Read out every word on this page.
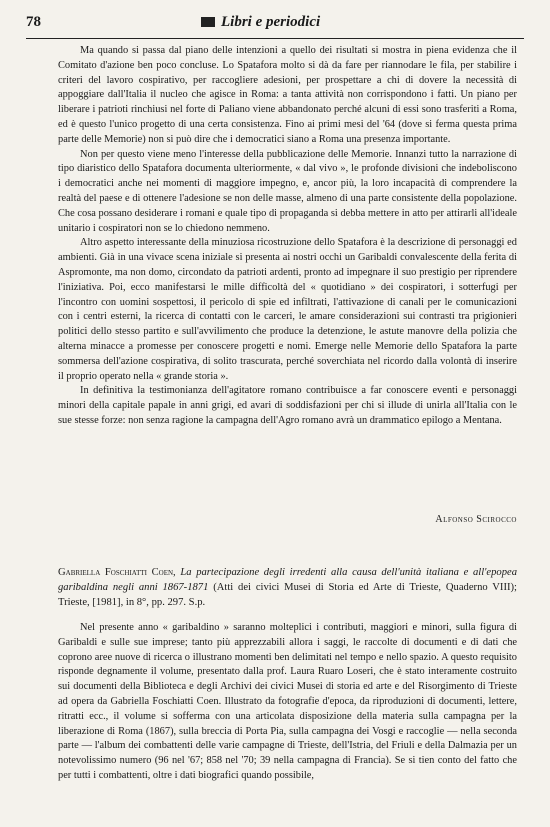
78	Libri e periodici

Ma quando si passa dal piano delle intenzioni a quello dei risultati si mostra in piena evidenza che il Comitato d'azione ben poco concluse. Lo Spatafora molto si dà da fare per riannodare le fila, per stabilire i criteri del lavoro cospirativo, per raccogliere adesioni, per prospettare a chi di dovere la necessità di appoggiare dall'Italia il nucleo che agisce in Roma: a tanta attività non corrispondono i fatti. Un piano per liberare i patrioti rinchiusi nel forte di Paliano viene abbandonato perché alcuni di essi sono trasferiti a Roma, ed è questo l'unico progetto di una certa consistenza. Fino ai primi mesi del '64 (dove si ferma questa prima parte delle Memorie) non si può dire che i democratici siano a Roma una presenza importante.

Non per questo viene meno l'interesse della pubblicazione delle Memorie. Innanzi tutto la narrazione di tipo diaristico dello Spatafora documenta ulteriormente, « dal vivo », le profonde divisioni che indeboliscono i democratici anche nei momenti di maggiore impegno, e, ancor più, la loro incapacità di comprendere la realtà del paese e di ottenere l'adesione se non delle masse, almeno di una parte consistente della popolazione. Che cosa possano desiderare i romani e quale tipo di propaganda si debba mettere in atto per attirarli all'ideale unitario i cospiratori non se lo chiedono nemmeno.

Altro aspetto interessante della minuziosa ricostruzione dello Spatafora è la descrizione di personaggi ed ambienti. Già in una vivace scena iniziale si presenta ai nostri occhi un Garibaldi convalescente della ferita di Aspromonte, ma non domo, circondato da patrioti ardenti, pronto ad impegnare il suo prestigio per riprendere l'iniziativa. Poi, ecco manifestarsi le mille difficoltà del « quotidiano » dei cospiratori, i sotterfugi per l'incontro con uomini sospettosi, il pericolo di spie ed infiltrati, l'attivazione di canali per le comunicazioni con i centri esterni, la ricerca di contatti con le carceri, le amare considerazioni sui contrasti tra prigionieri politici dello stesso partito e sull'avvilimento che produce la detenzione, le astute manovre della polizia che alterna minacce a promesse per conoscere progetti e nomi. Emerge nelle Memorie dello Spatafora la parte sommersa dell'azione cospirativa, di solito trascurata, perché soverchiata nel ricordo dalla volontà di inserire il proprio operato nella « grande storia ».

In definitiva la testimonianza dell'agitatore romano contribuisce a far conoscere eventi e personaggi minori della capitale papale in anni grigi, ed avari di soddisfazioni per chi si illude di unirla all'Italia con le sue stesse forze: non senza ragione la campagna dell'Agro romano avrà un drammatico epilogo a Mentana.

Alfonso Scirocco
Gabriella Foschiatti Coen, La partecipazione degli irredenti alla causa dell'unità italiana e all'epopea garibaldina negli anni 1867-1871 (Atti dei civici Musei di Storia ed Arte di Trieste, Quaderno VIII); Trieste, [1981], in 8°, pp. 297. S.p.

Nel presente anno « garibaldino » saranno molteplici i contributi, maggiori e minori, sulla figura di Garibaldi e sulle sue imprese; tanto più apprezzabili allora i saggi, le raccolte di documenti e di dati che coprono aree nuove di ricerca o illustrano momenti ben delimitati nel tempo e nello spazio. A questo requisito risponde degnamente il volume, presentato dalla prof. Laura Ruaro Loseri, che è stato interamente costruito sui documenti della Biblioteca e degli Archivi dei civici Musei di storia ed arte e del Risorgimento di Trieste ad opera da Gabriella Foschiatti Coen. Illustrato da fotografie d'epoca, da riproduzioni di documenti, lettere, ritratti ecc., il volume si sofferma con una articolata disposizione della materia sulla campagna per la liberazione di Roma (1867), sulla breccia di Porta Pia, sulla campagna dei Vosgi e raccoglie — nella seconda parte — l'album dei combattenti delle varie campagne di Trieste, dell'Istria, del Friuli e della Dalmazia per un notevolissimo numero (96 nel '67; 858 nel '70; 39 nella campagna di Francia). Se si tien conto del fatto che per tutti i combattenti, oltre i dati biografici quando possibile,
